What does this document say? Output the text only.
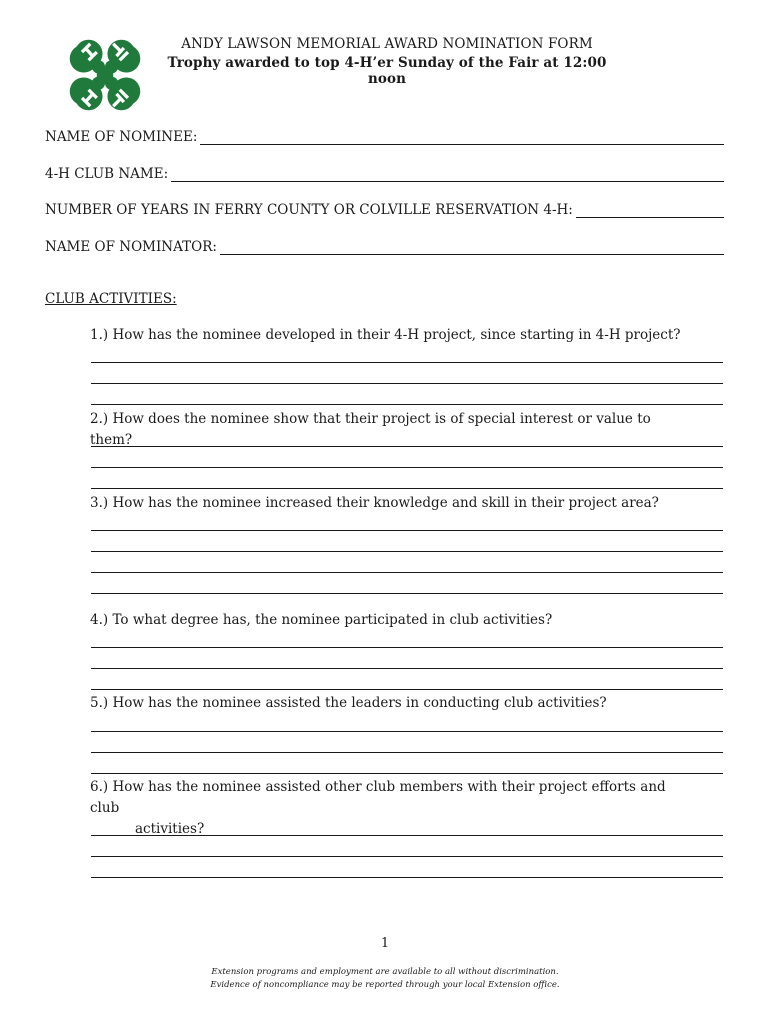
ANDY LAWSON MEMORIAL AWARD NOMINATION FORM
Trophy awarded to top 4-H’er Sunday of the Fair at 12:00 noon
NAME OF NOMINEE:
4-H CLUB NAME:
NUMBER OF YEARS IN FERRY COUNTY OR COLVILLE RESERVATION 4-H:
NAME OF NOMINATOR:
CLUB ACTIVITIES:
1.) How has the nominee developed in their 4-H project, since starting in 4-H project?
2.) How does the nominee show that their project is of special interest or value to them?
3.) How has the nominee increased their knowledge and skill in their project area?
4.) To what degree has, the nominee participated in club activities?
5.) How has the nominee assisted the leaders in conducting club activities?
6.) How has the nominee assisted other club members with their project efforts and club
activities?
1
Extension programs and employment are available to all without discrimination.
Evidence of noncompliance may be reported through your local Extension office.
